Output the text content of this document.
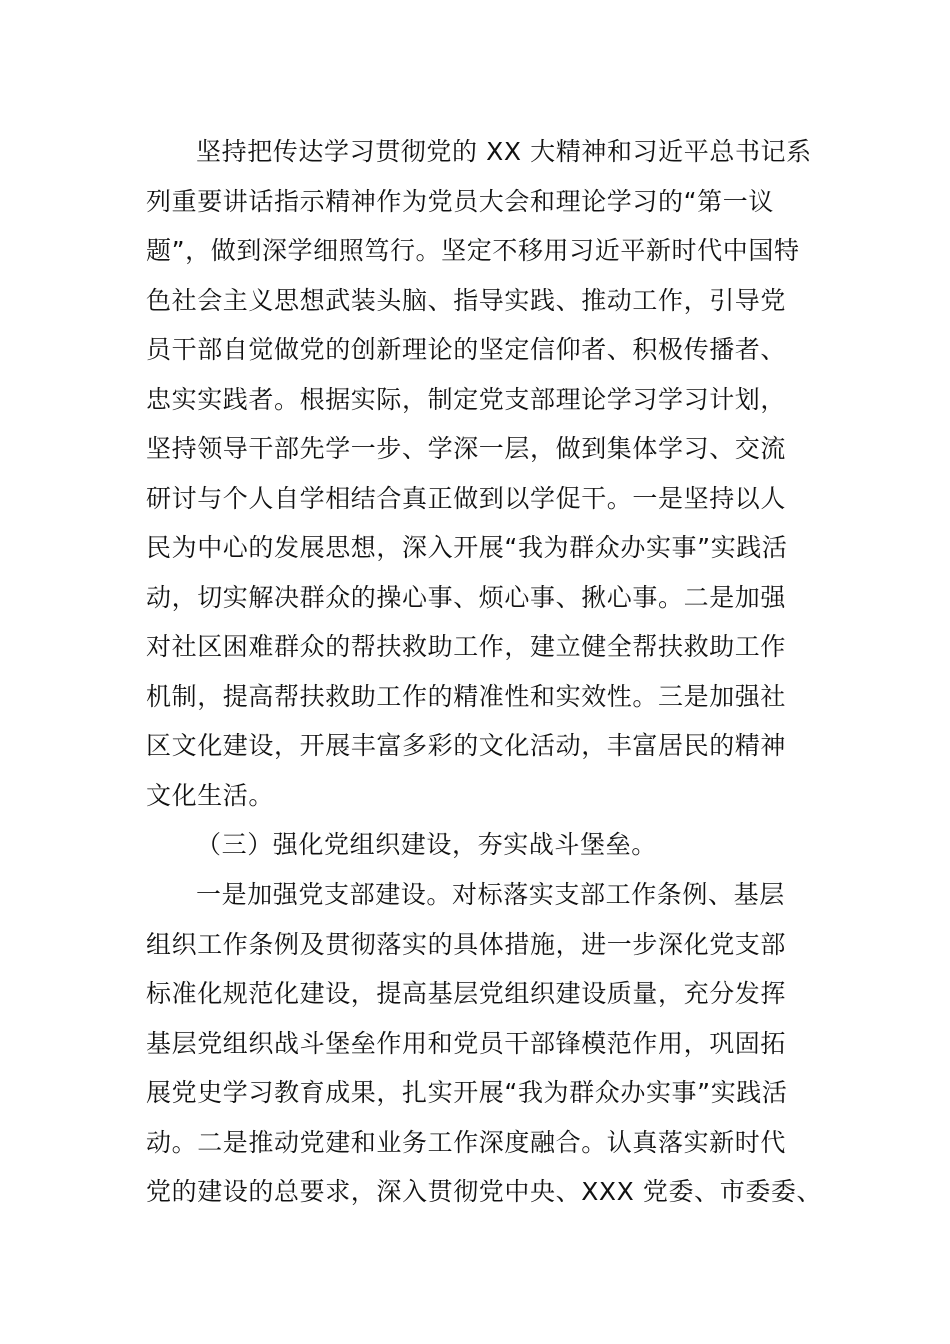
坚持把传达学习贯彻党的 XX 大精神和习近平总书记系
列重要讲话指示精神作为党员大会和理论学习的“第一议
题”，做到深学细照笃行。坚定不移用习近平新时代中国特
色社会主义思想武装头脑、指导实践、推动工作，引导党
员干部自觉做党的创新理论的坚定信仰者、积极传播者、
忠实实践者。根据实际，制定党支部理论学习学习计划，
坚持领导干部先学一步、学深一层，做到集体学习、交流
研讨与个人自学相结合真正做到以学促干。一是坚持以人
民为中心的发展思想，深入开展“我为群众办实事”实践活
动，切实解决群众的操心事、烦心事、揪心事。二是加强
对社区困难群众的帮扶救助工作，建立健全帮扶救助工作
机制，提高帮扶救助工作的精准性和实效性。三是加强社
区文化建设，开展丰富多彩的文化活动，丰富居民的精神
文化生活。
（三）强化党组织建设，夯实战斗堡垒。
一是加强党支部建设。对标落实支部工作条例、基层
组织工作条例及贯彻落实的具体措施，进一步深化党支部
标准化规范化建设，提高基层党组织建设质量，充分发挥
基层党组织战斗堡垒作用和党员干部锋模范作用，巩固拓
展党史学习教育成果，扎实开展“我为群众办实事”实践活
动。二是推动党建和业务工作深度融合。认真落实新时代
党的建设的总要求，深入贯彻党中央、XXX 党委、市委委、
